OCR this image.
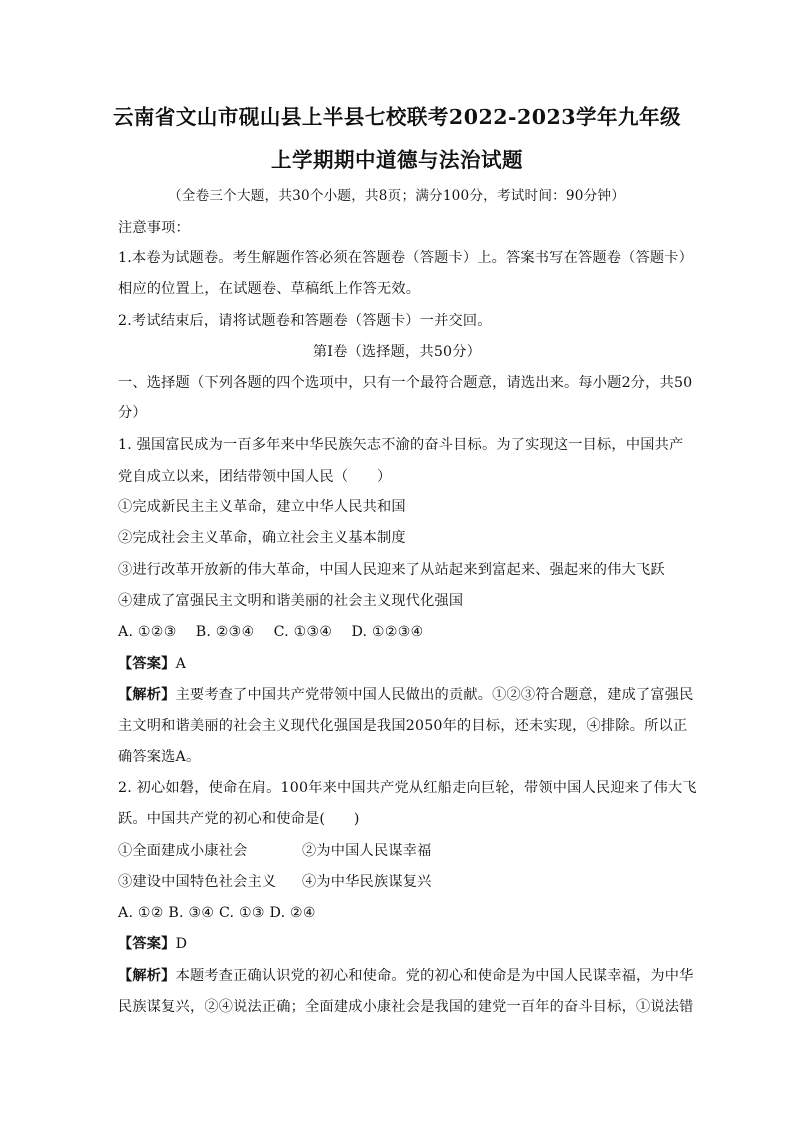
云南省文山市砚山县上半县七校联考2022-2023学年九年级
上学期期中道德与法治试题
（全卷三个大题，共30个小题，共8页；满分100分，考试时间：90分钟）
注意事项：
1.本卷为试题卷。考生解题作答必须在答题卷（答题卡）上。答案书写在答题卷（答题卡）
相应的位置上，在试题卷、草稿纸上作答无效。
2.考试结束后，请将试题卷和答题卷（答题卡）一并交回。
第Ⅰ卷（选择题，共50分）
一、选择题（下列各题的四个选项中，只有一个最符合题意，请选出来。每小题2分，共50
分）
1. 强国富民成为一百多年来中华民族矢志不渝的奋斗目标。为了实现这一目标，中国共产
党自成立以来，团结带领中国人民（　　）
①完成新民主主义革命，建立中华人民共和国
②完成社会主义革命，确立社会主义基本制度
③进行改革开放新的伟大革命，中国人民迎来了从站起来到富起来、强起来的伟大飞跃
④建成了富强民主文明和谐美丽的社会主义现代化强国
A. ①②③　 B. ②③④　 C. ①③④　 D. ①②③④
【答案】A
【解析】主要考查了中国共产党带领中国人民做出的贡献。①②③符合题意，建成了富强民
主文明和谐美丽的社会主义现代化强国是我国2050年的目标，还未实现，④排除。所以正
确答案选A。
2. 初心如磐，使命在肩。100年来中国共产党从红船走向巨轮，带领中国人民迎来了伟大飞
跃。中国共产党的初心和使命是(　　)
①全面建成小康社会	②为中国人民谋幸福
③建设中国特色社会主义 ④为中华民族谋复兴
A. ①② B. ③④ C. ①③ D. ②④
【答案】D
【解析】本题考查正确认识党的初心和使命。党的初心和使命是为中国人民谋幸福，为中华
民族谋复兴，②④说法正确；全面建成小康社会是我国的建党一百年的奋斗目标，①说法错
